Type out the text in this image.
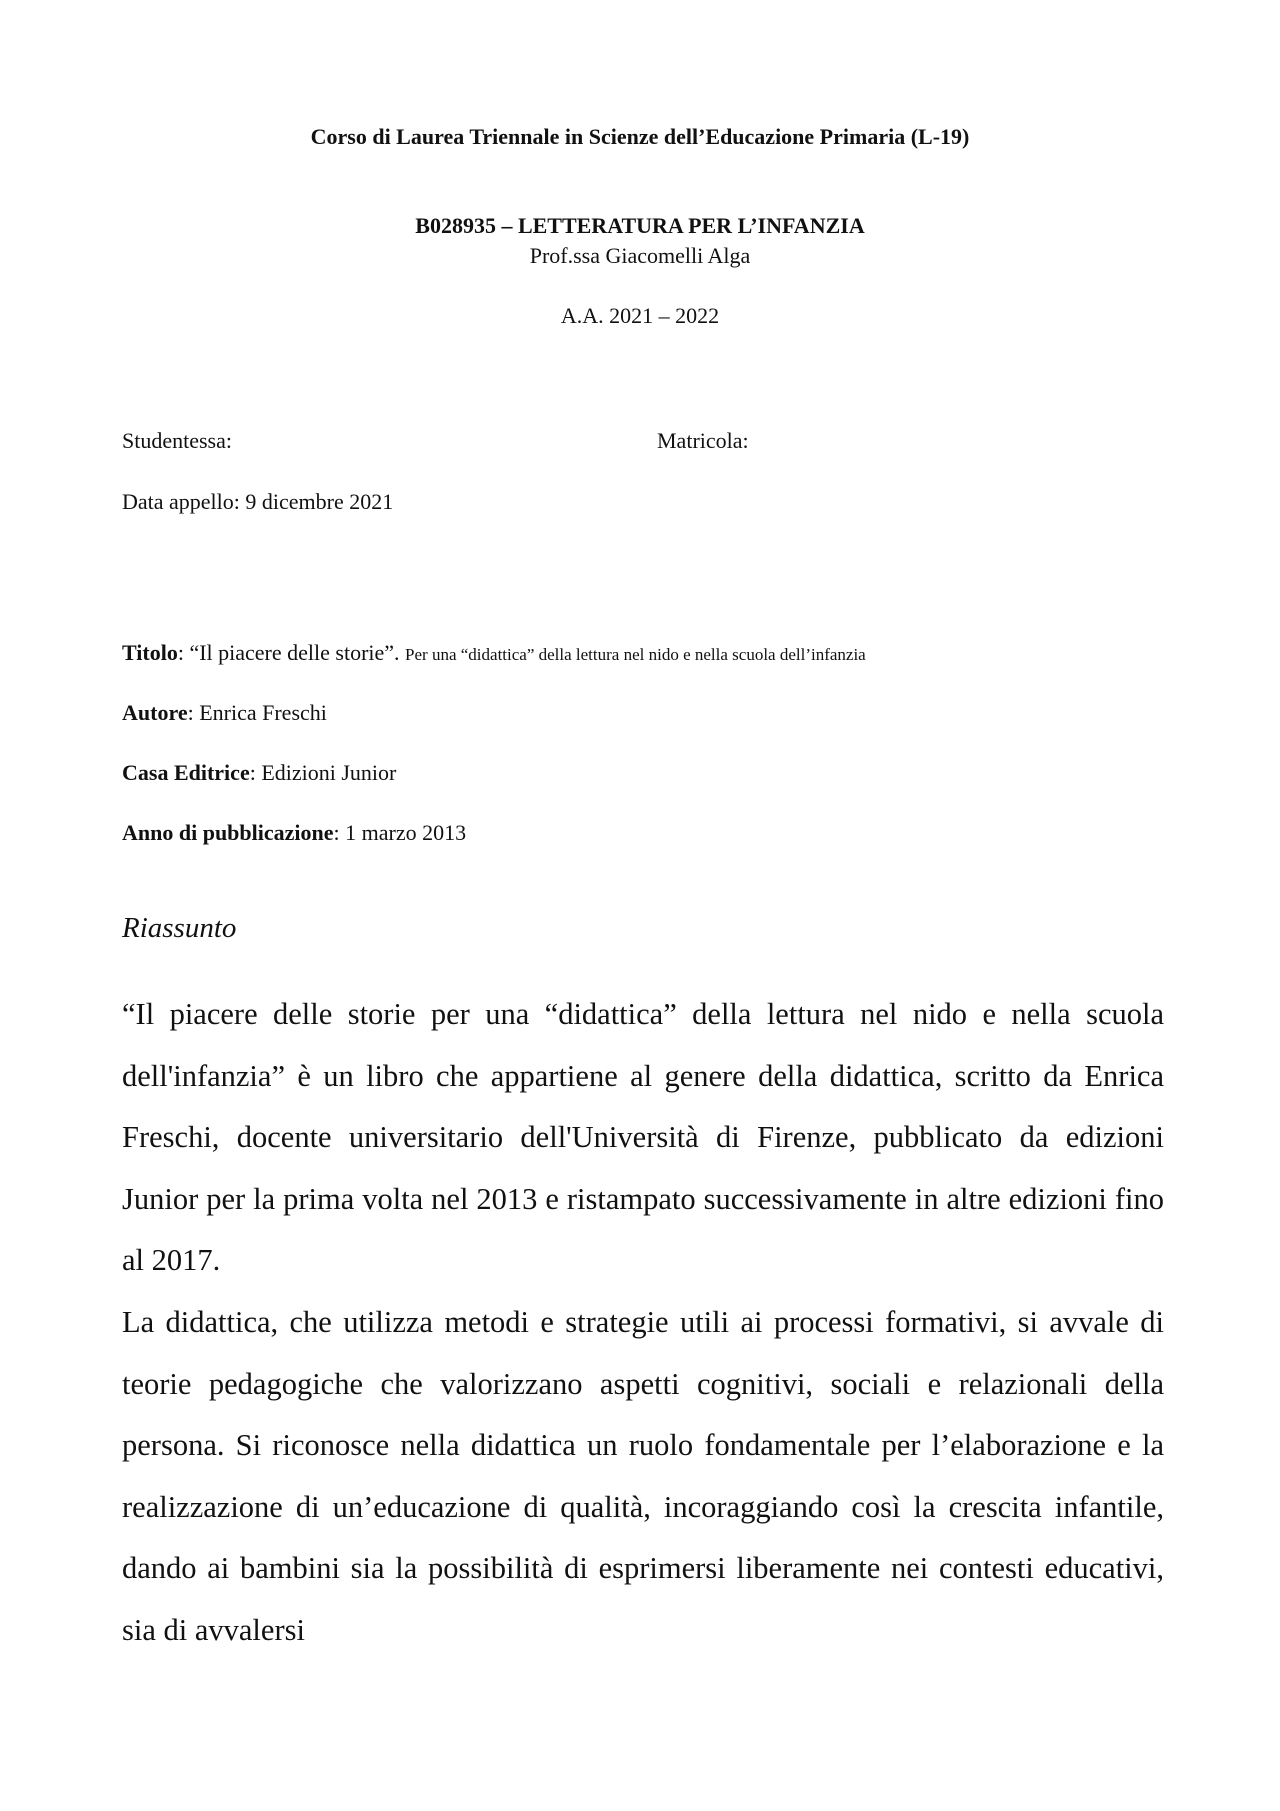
Corso di Laurea Triennale in Scienze dell’Educazione Primaria (L-19)
B028935 – LETTERATURA PER L’INFANZIA
Prof.ssa Giacomelli Alga
A.A. 2021 – 2022
Studentessa:	Matricola:
Data appello: 9 dicembre 2021
Titolo: “Il piacere delle storie”. Per una “didattica” della lettura nel nido e nella scuola dell’infanzia
Autore: Enrica Freschi
Casa Editrice: Edizioni Junior
Anno di pubblicazione: 1 marzo 2013
Riassunto

“Il piacere delle storie per una “didattica” della lettura nel nido e nella scuola dell'infanzia” è un libro che appartiene al genere della didattica, scritto da Enrica Freschi, docente universitario dell'Università di Firenze, pubblicato da edizioni Junior per la prima volta nel 2013 e ristampato successivamente in altre edizioni fino al 2017.

La didattica, che utilizza metodi e strategie utili ai processi formativi, si avvale di teorie pedagogiche che valorizzano aspetti cognitivi, sociali e relazionali della persona. Si riconosce nella didattica un ruolo fondamentale per l’elaborazione e la realizzazione di un’educazione di qualità, incoraggiando così la crescita infantile, dando ai bambini sia la possibilità di esprimersi liberamente nei contesti educativi, sia di avvalersi
